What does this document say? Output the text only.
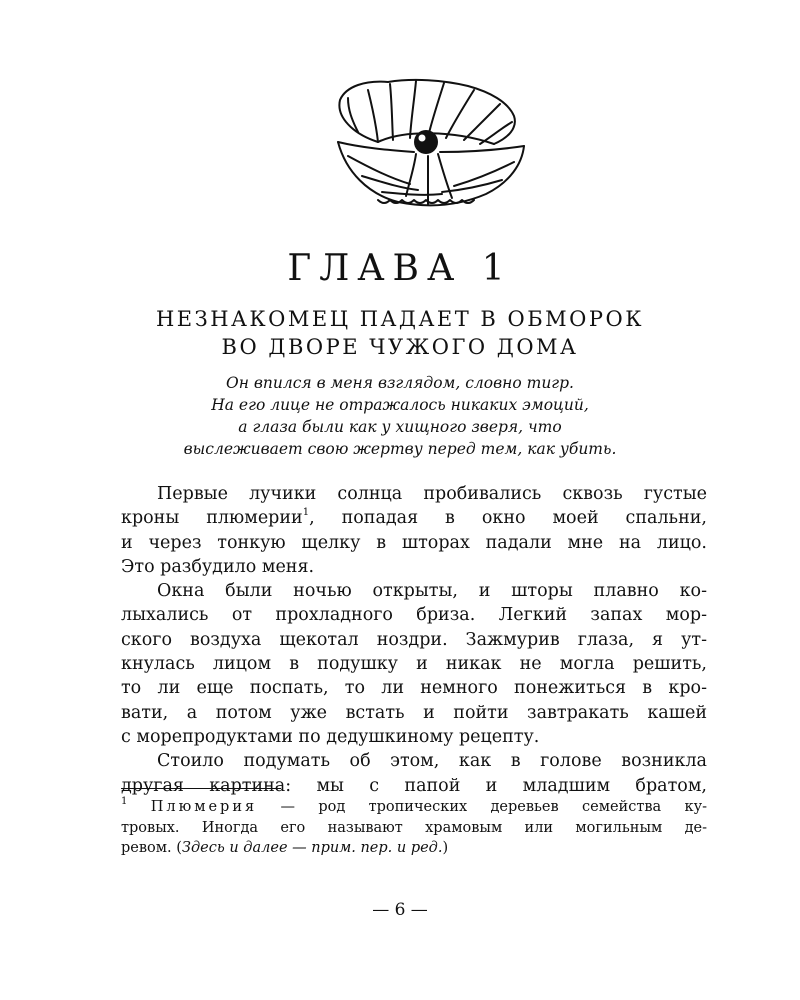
ГЛАВА 1
НЕЗНАКОМЕЦ ПАДАЕТ В ОБМОРОК
ВО ДВОРЕ ЧУЖОГО ДОМА
Он впился в меня взглядом, словно тигр.
На его лице не отражалось никаких эмоций,
а глаза были как у хищного зверя, что
выслеживает свою жертву перед тем, как убить.
Первые лучики солнца пробивались сквозь густые
кроны плюмерии$^1$, попадая в окно моей спальни,
и через тонкую щелку в шторах падали мне на лицо.
Это разбудило меня.
Окна были ночью открыты, и шторы плавно ко-
лыхались от прохладного бриза. Легкий запах мор-
ского воздуха щекотал ноздри. Зажмурив глаза, я ут-
кнулась лицом в подушку и никак не могла решить,
то ли еще поспать, то ли немного понежиться в кро-
вати, а потом уже встать и пойти завтракать кашей
с морепродуктами по дедушкиному рецепту.
Стоило подумать об этом, как в голове возникла
другая картина: мы с папой и младшим братом,
$^1$ Плюмерия — род тропических деревьев семейства ку-
тровых. Иногда его называют храмовым или могильным де-
ревом. (Здесь и далее — прим. пер. и ред.)
— 6 —
